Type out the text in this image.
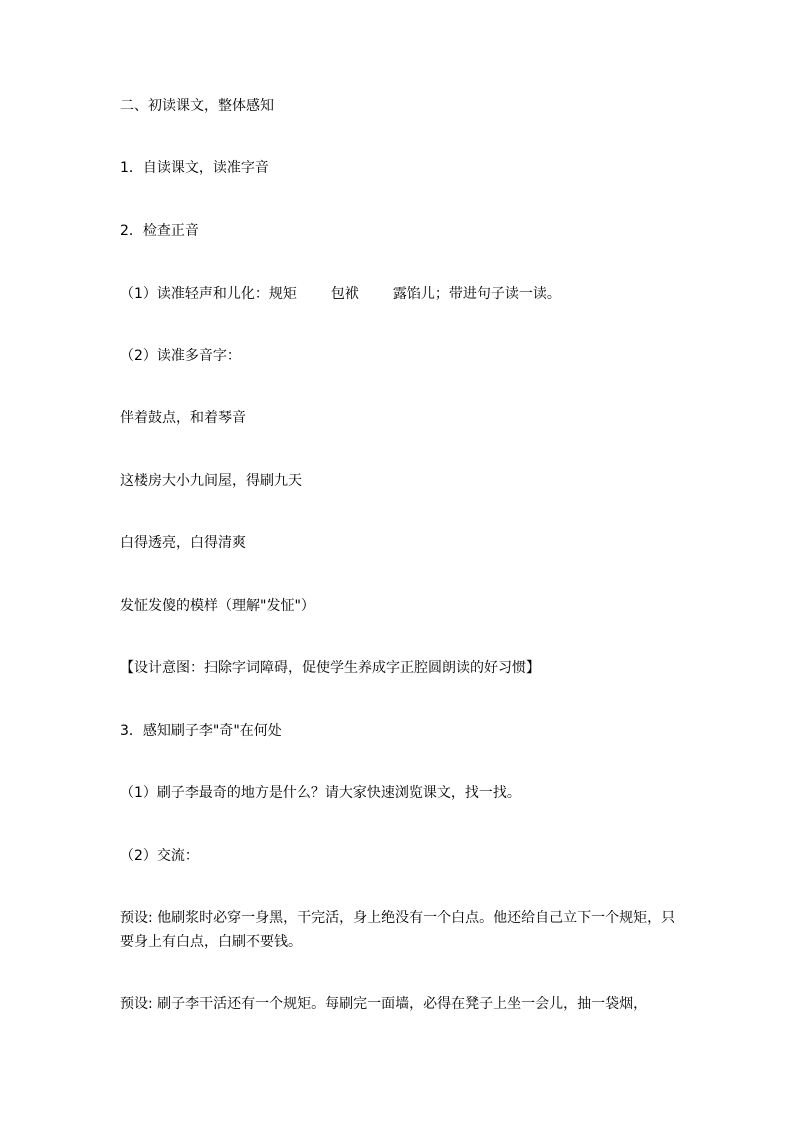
二、初读课文，整体感知
1．自读课文，读准字音
2．检查正音
（1）读准轻声和儿化：规矩 包袱 露馅儿；带进句子读一读。
（2）读准多音字：
伴着鼓点，和着琴音
这楼房大小九间屋，得刷九天
白得透亮，白得清爽
发怔发傻的模样（理解"发怔"）
【设计意图：扫除字词障碍，促使学生养成字正腔圆朗读的好习惯】
3．感知刷子李"奇"在何处
（1）刷子李最奇的地方是什么？请大家快速浏览课文，找一找。
（2）交流：
预设: 他刷浆时必穿一身黑，干完活，身上绝没有一个白点。他还给自己立下一个规矩，只要身上有白点，白刷不要钱。
预设: 刷子李干活还有一个规矩。每刷完一面墙，必得在凳子上坐一会儿，抽一袋烟，
